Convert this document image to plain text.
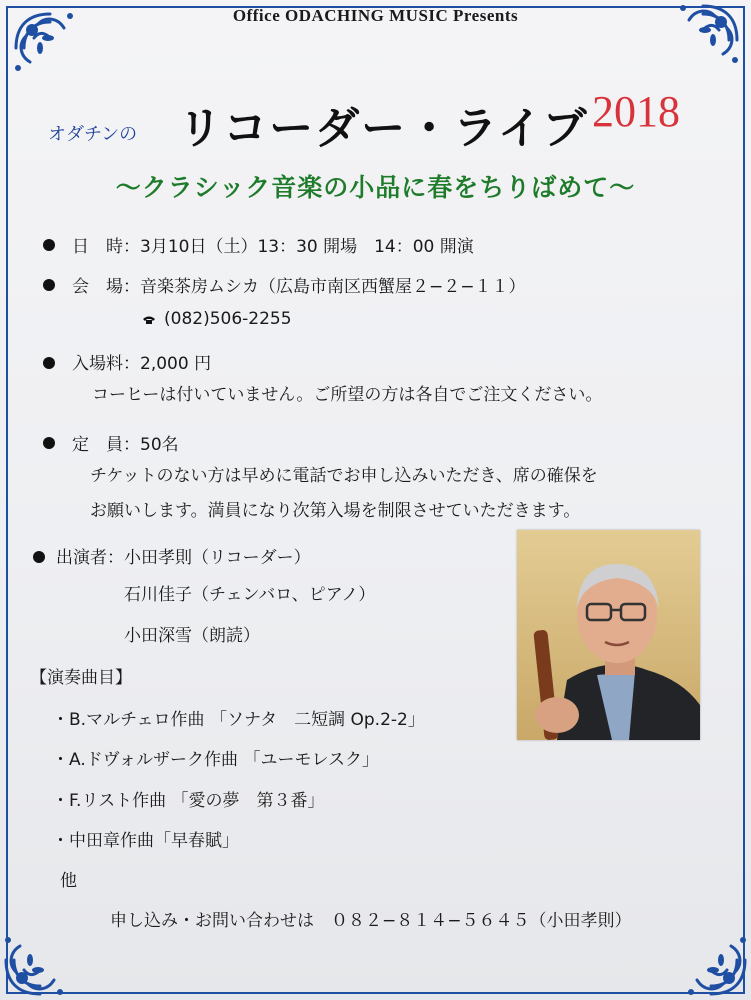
Office ODACHING MUSIC Presents
オダチンの リコーダー・ライブ 2018
～クラシック音楽の小品に春をちりばめて～
日　時：3月10日（土）13：30 開場　14：00 開演
会　場：音楽茶房ムシカ（広島市南区西蟹屋２−２−１１）
(082)506-2255
入場料：2,000 円
コーヒーは付いていません。ご所望の方は各自でご注文ください。
定　員：50名
チケットのない方は早めに電話でお申し込みいただき、席の確保を
お願いします。満員になり次第入場を制限させていただきます。
出演者：小田孝則（リコーダー）
石川佳子（チェンバロ、ピアノ）
小田深雪（朗読）
【演奏曲目】
・B.マルチェロ作曲 「ソナタ　二短調 Op.2-2」
・A.ドヴォルザーク作曲 「ユーモレスク」
・F.リスト作曲 「愛の夢　第３番」
・中田章作曲「早春賦」
他
申し込み・お問い合わせは　０８２−８１４−５６４５（小田孝則）
